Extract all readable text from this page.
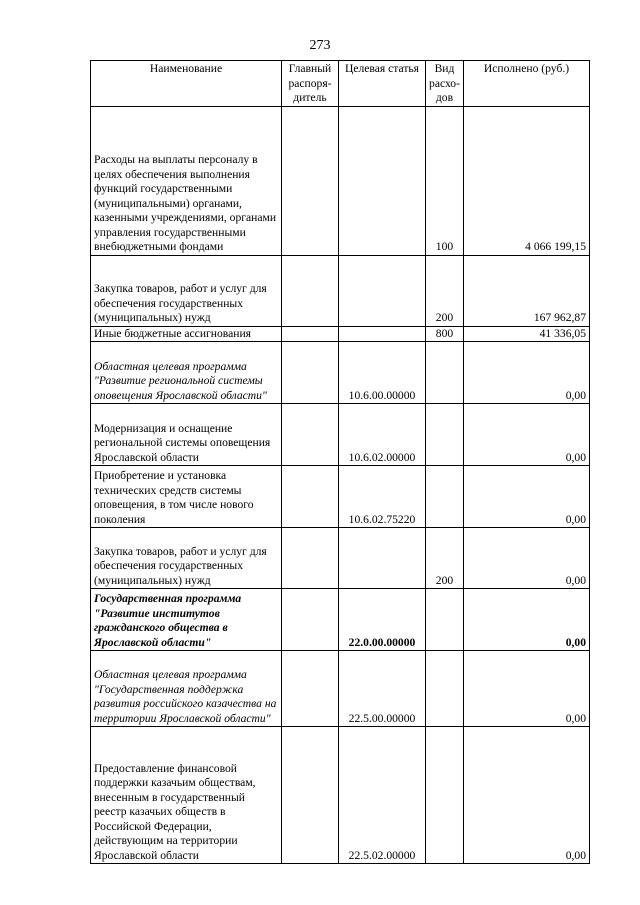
273
Наименование	Главный распоря-дитель	Целевая статья	Вид расхо-дов	Исполнено (руб.)
Расходы на выплаты персоналу в целях обеспечения выполнения функций государственными (муниципальными) органами, казенными учреждениями, органами управления государственными внебюджетными фондами			100	4 066 199,15
Закупка товаров, работ и услуг для обеспечения государственных (муниципальных) нужд			200	167 962,87
Иные бюджетные ассигнования			800	41 336,05
Областная целевая программа "Развитие региональной системы оповещения Ярославской области"		10.6.00.00000		0,00
Модернизация и оснащение региональной системы оповещения Ярославской области		10.6.02.00000		0,00
Приобретение и установка технических средств системы оповещения, в том числе нового поколения		10.6.02.75220		0,00
Закупка товаров, работ и услуг для обеспечения государственных (муниципальных) нужд			200	0,00
Государственная программа "Развитие институтов гражданского общества в Ярославской области"		22.0.00.00000		0,00
Областная целевая программа "Государственная поддержка развития российского казачества на территории Ярославской области"		22.5.00.00000		0,00
Предоставление финансовой поддержки казачьим обществам, внесенным в государственный реестр казачьих обществ в Российской Федерации, действующим на территории Ярославской области		22.5.02.00000		0,00
